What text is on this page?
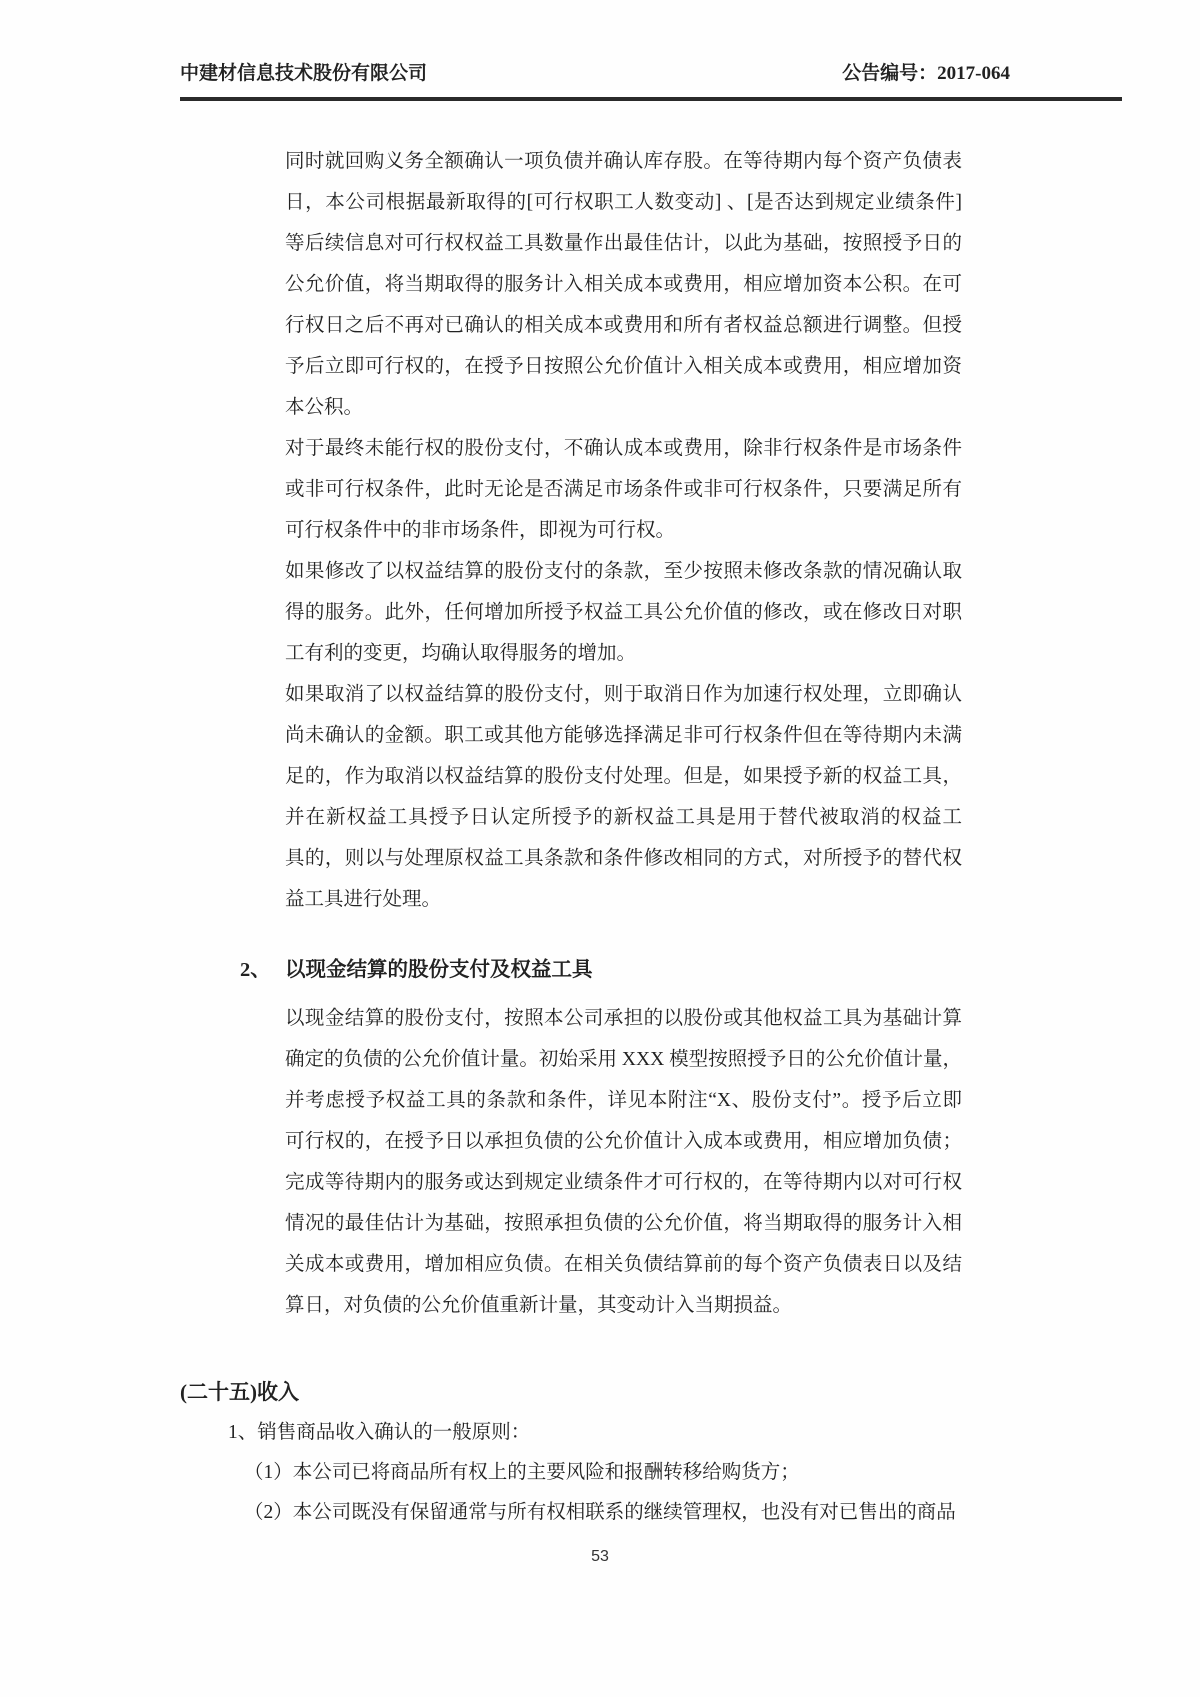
中建材信息技术股份有限公司	公告编号：2017-064
同时就回购义务全额确认一项负债并确认库存股。在等待期内每个资产负债表
日，本公司根据最新取得的[可行权职工人数变动] 、[是否达到规定业绩条件]
等后续信息对可行权权益工具数量作出最佳估计，以此为基础，按照授予日的
公允价值，将当期取得的服务计入相关成本或费用，相应增加资本公积。在可
行权日之后不再对已确认的相关成本或费用和所有者权益总额进行调整。但授
予后立即可行权的，在授予日按照公允价值计入相关成本或费用，相应增加资
本公积。
对于最终未能行权的股份支付，不确认成本或费用，除非行权条件是市场条件
或非可行权条件，此时无论是否满足市场条件或非可行权条件，只要满足所有
可行权条件中的非市场条件，即视为可行权。
如果修改了以权益结算的股份支付的条款，至少按照未修改条款的情况确认取
得的服务。此外，任何增加所授予权益工具公允价值的修改，或在修改日对职
工有利的变更，均确认取得服务的增加。
如果取消了以权益结算的股份支付，则于取消日作为加速行权处理，立即确认
尚未确认的金额。职工或其他方能够选择满足非可行权条件但在等待期内未满
足的，作为取消以权益结算的股份支付处理。但是，如果授予新的权益工具，
并在新权益工具授予日认定所授予的新权益工具是用于替代被取消的权益工
具的，则以与处理原权益工具条款和条件修改相同的方式，对所授予的替代权
益工具进行处理。
2、 以现金结算的股份支付及权益工具
以现金结算的股份支付，按照本公司承担的以股份或其他权益工具为基础计算
确定的负债的公允价值计量。初始采用 XXX 模型按照授予日的公允价值计量，
并考虑授予权益工具的条款和条件，详见本附注“X、股份支付”。授予后立即
可行权的，在授予日以承担负债的公允价值计入成本或费用，相应增加负债；
完成等待期内的服务或达到规定业绩条件才可行权的，在等待期内以对可行权
情况的最佳估计为基础，按照承担负债的公允价值，将当期取得的服务计入相
关成本或费用，增加相应负债。在相关负债结算前的每个资产负债表日以及结
算日，对负债的公允价值重新计量，其变动计入当期损益。
(二十五)收入
1、销售商品收入确认的一般原则：
（1）本公司已将商品所有权上的主要风险和报酬转移给购货方；
（2）本公司既没有保留通常与所有权相联系的继续管理权，也没有对已售出的商品
53
